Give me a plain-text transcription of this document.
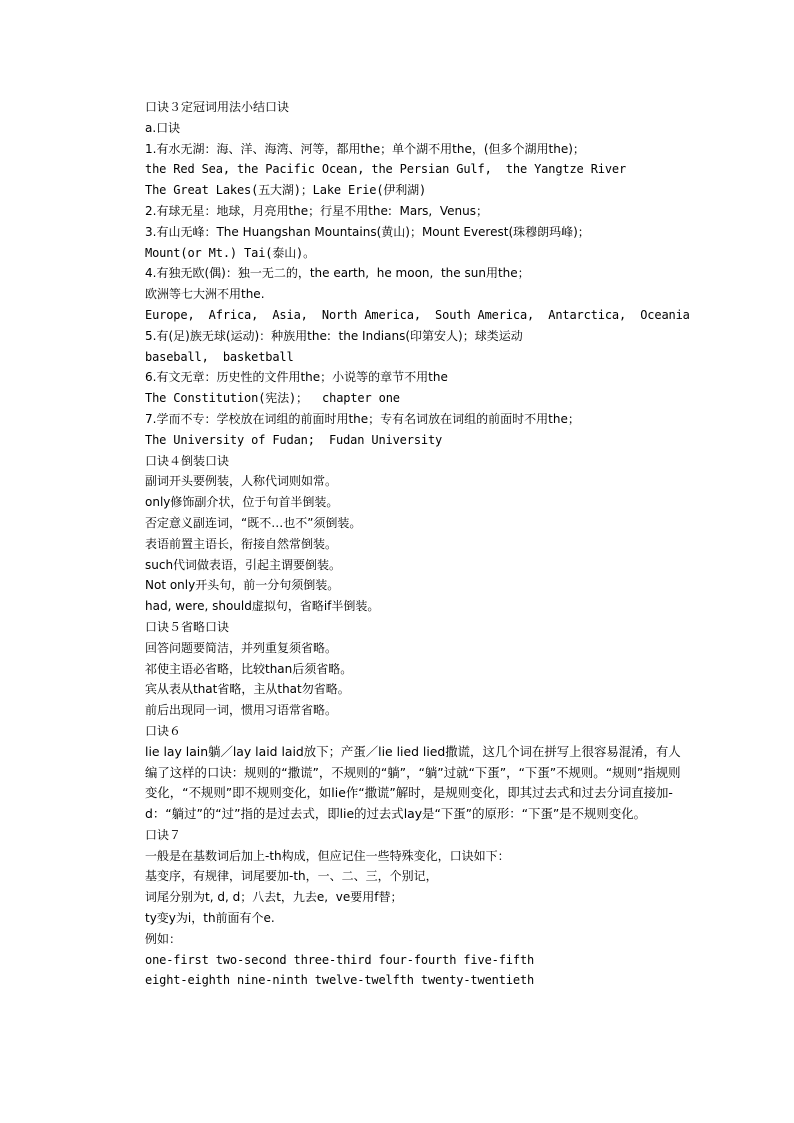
口诀３定冠词用法小结口诀
a.口诀
1.有水无湖：海、洋、海湾、河等，都用the；单个湖不用the，(但多个湖用the)；
the Red Sea, the Pacific Ocean, the Persian Gulf,  the Yangtze River
The Great Lakes(五大湖)；Lake Erie(伊利湖)
2.有球无星：地球，月亮用the；行星不用the:  Mars,  Venus；
3.有山无峰：The Huangshan Mountains(黄山)；Mount Everest(珠穆朗玛峰)；
Mount(or Mt.) Tai(泰山)。
4.有独无欧(偶)：独一无二的，the earth,  he moon,  the sun用the；
欧洲等七大洲不用the.
Europe,  Africa,  Asia,  North America,  South America,  Antarctica,  Oceania
5.有(足)族无球(运动)：种族用the:  the Indians(印第安人)；球类运动
baseball,  basketball
6.有文无章：历史性的文件用the；小说等的章节不用the
The Constitution(宪法)；  chapter one
7.学而不专：学校放在词组的前面时用the；专有名词放在词组的前面时不用the；
The University of Fudan;  Fudan University
口诀４倒装口诀
副词开头要例装，人称代词则如常。
only修饰副介状，位于句首半倒装。
否定意义副连词，“既不…也不”须倒装。
表语前置主语长，衔接自然常倒装。
such代词做表语，引起主谓要倒装。
Not only开头句，前一分句须倒装。
had, were, should虚拟句，省略if半倒装。
口诀５省略口诀
回答问题要简洁，并列重复须省略。
祁使主语必省略，比较than后须省略。
宾从表从that省略，主从that勿省略。
前后出现同一词，惯用习语常省略。
口诀６
lie lay lain躺／lay laid laid放下；产蛋／lie lied lied撒谎，这几个词在拼写上很容易混淆，有人编了这样的口诀：规则的“撒谎”，不规则的“躺”，“躺”过就“下蛋”，“下蛋”不规则。“规则”指规则变化，“不规则”即不规则变化，如lie作“撒谎”解时，是规则变化，即其过去式和过去分词直接加-d：“躺过”的“过”指的是过去式，即lie的过去式lay是“下蛋”的原形：“下蛋”是不规则变化。
口诀７
一般是在基数词后加上-th构成，但应记住一些特殊变化，口诀如下：
基变序，有规律，词尾要加-th，一、二、三，个别记，
词尾分别为t, d, d；八去t，九去e,  ve要用f替；
ty变y为i，th前面有个e.
例如：
one-first two-second three-third four-fourth five-fifth
eight-eighth nine-ninth twelve-twelfth twenty-twentieth
